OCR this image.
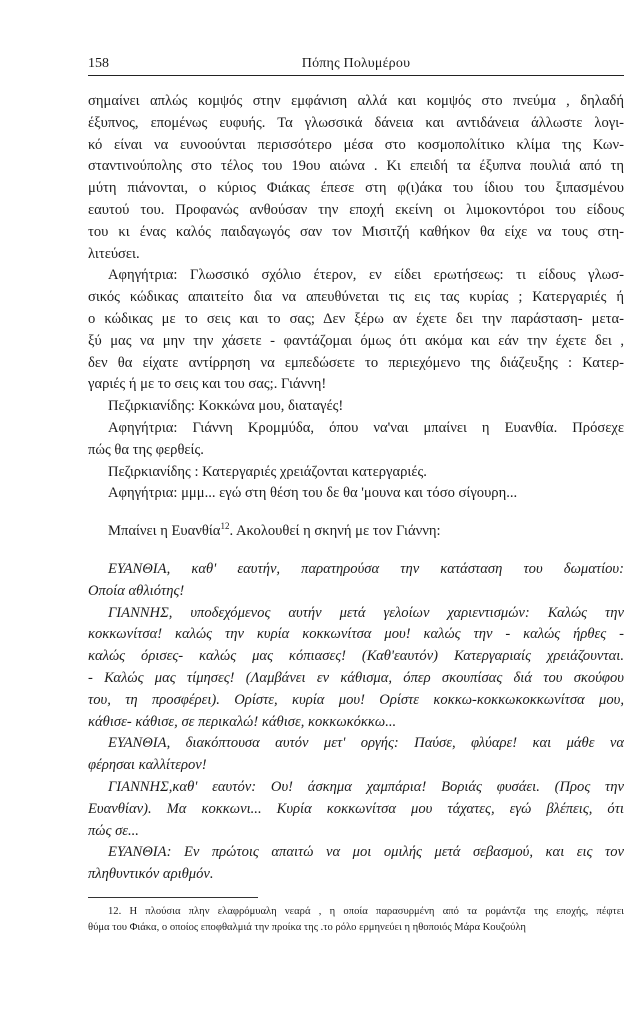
158	Πόπης Πολυμέρου
σημαίνει απλώς κομψός στην εμφάνιση αλλά και κομψός στο πνεύμα , δηλαδή
έξυπνος, επομένως ευφυής. Τα γλωσσικά δάνεια και αντιδάνεια άλλωστε λογι-
κό είναι να ευνοούνται περισσότερο μέσα στο κοσμοπολίτικο κλίμα της Κων-
σταντινούπολης στο τέλος του 19ου αιώνα . Κι επειδή τα έξυπνα πουλιά από τη
μύτη πιάνονται, ο κύριος Φιάκας έπεσε στη φ(ι)άκα του ίδιου του ξιπασμένου
εαυτού του. Προφανώς ανθούσαν την εποχή εκείνη οι λιμοκοντόροι του είδους
του κι ένας καλός παιδαγωγός σαν τον Μισιτζή καθήκον θα είχε να τους στη-
λιτεύσει.
Αφηγήτρια: Γλωσσικό σχόλιο έτερον, εν είδει ερωτήσεως: τι είδους γλωσ-
σικός κώδικας απαιτείτο δια να απευθύνεται τις εις τας κυρίας ; Κατεργαριές ή
ο κώδικας με το σεις και το σας; Δεν ξέρω αν έχετε δει την παράσταση- μετα-
ξύ μας να μην την χάσετε - φαντάζομαι όμως ότι ακόμα και εάν την έχετε δει ,
δεν θα είχατε αντίρρηση να εμπεδώσετε το περιεχόμενο της διάζευξης : Κατερ-
γαριές ή με το σεις και του σας;. Γιάννη!
Πεζιρκιανίδης: Κοκκώνα μου, διαταγές!
Αφηγήτρια: Γιάννη Κρομμύδα, όπου να'ναι μπαίνει η Ευανθία. Πρόσεχε
πώς θα της φερθείς.
Πεζιρκιανίδης : Κατεργαριές χρειάζονται κατεργαριές.
Αφηγήτρια: μμμ... εγώ στη θέση του δε θα 'μουνα και τόσο σίγουρη...
Μπαίνει η Ευανθία$^{12}$. Ακολουθεί η σκηνή με τον Γιάννη:
ΕΥΑΝΘΙΑ, καθ' εαυτήν, παρατηρούσα την κατάσταση του δωματίου:
Οποία αθλιότης!
ΓΙΑΝΝΗΣ, υποδεχόμενος αυτήν μετά γελοίων χαριεντισμών: Καλώς την
κοκκωνίτσα! καλώς την κυρία κοκκωνίτσα μου! καλώς την - καλώς ήρθες -
καλώς όρισες- καλώς μας κόπιασες! (Καθ'εαυτόν) Κατεργαριαίς χρειάζουνται.
- Καλώς μας τίμησες! (Λαμβάνει εν κάθισμα, όπερ σκουπίσας διά του σκούφου
του, τη προσφέρει). Ορίστε, κυρία μου! Ορίστε κοκκω-κοκκωκοκκωνίτσα μου,
κάθισε- κάθισε, σε περικαλώ! κάθισε, κοκκωκόκκω...
ΕΥΑΝΘΙΑ, διακόπτουσα αυτόν μετ' οργής: Παύσε, φλύαρε! και μάθε να
φέρησαι καλλίτερον!
ΓΙΑΝΝΗΣ,καθ' εαυτόν: Ου! άσκημα χαμπάρια! Βοριάς φυσάει. (Προς την
Ευανθίαν). Μα κοκκωνι... Κυρία κοκκωνίτσα μου τάχατες, εγώ βλέπεις, ότι
πώς σε...
ΕΥΑΝΘΙΑ: Εν πρώτοις απαιτώ να μοι ομιλής μετά σεβασμού, και εις τον
πληθυντικόν αριθμόν.
12. Η πλούσια πλην ελαφρόμυαλη νεαρά , η οποία παρασυρμένη από τα ρομάντζα της εποχής, πέφτει
θύμα του Φιάκα, ο οποίος εποφθαλμιά την προίκα της .το ρόλο ερμηνεύει η ηθοποιός Μάρα Κουζούλη
